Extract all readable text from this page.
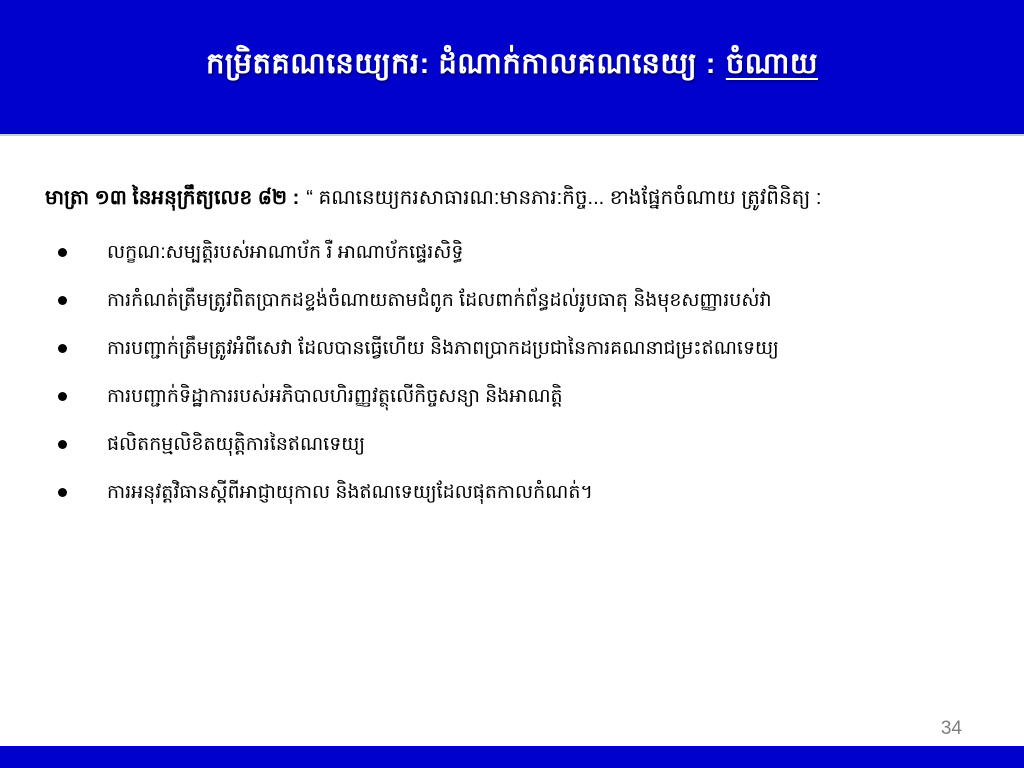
កម្រិតគណនេយ្យករ: ដំណាក់កាលគណនេយ្យ : ចំណាយ

មាត្រា ១៣ នៃអនុក្រឹត្យលេខ ៨២ : “ គណនេយ្យករសាធារណ:មានភារ:កិច្ច... ខាងផ្នែកចំណាយ ត្រូវពិនិត្យ :

លក្ខណ:សម្បត្តិរបស់អាណាប័ក រឺ អាណាប័កផ្ទេរសិទ្ធិ
ការកំណត់ត្រឹមត្រូវពិតប្រាកដខ្ទង់ចំណាយតាមជំពូក ដែលពាក់ព័ន្ធដល់រូបធាតុ និងមុខសញ្ញារបស់វា
ការបញ្ជាក់ត្រឹមត្រូវអំពីសេវា ដែលបានធ្វើហើយ និងភាពប្រាកដប្រជានៃការគណនាជម្រះឥណទេយ្យ
ការបញ្ជាក់ទិដ្ឋាការរបស់អភិបាលហិរញ្ញវត្ថុលើកិច្ចសន្យា និងអាណត្តិ
ផលិតកម្មលិខិតយុត្តិការនៃឥណទេយ្យ
ការអនុវត្តវិធានស្តីពីអាជ្ញាយុកាល និងឥណទេយ្យដែលផុតកាលកំណត់។
34
